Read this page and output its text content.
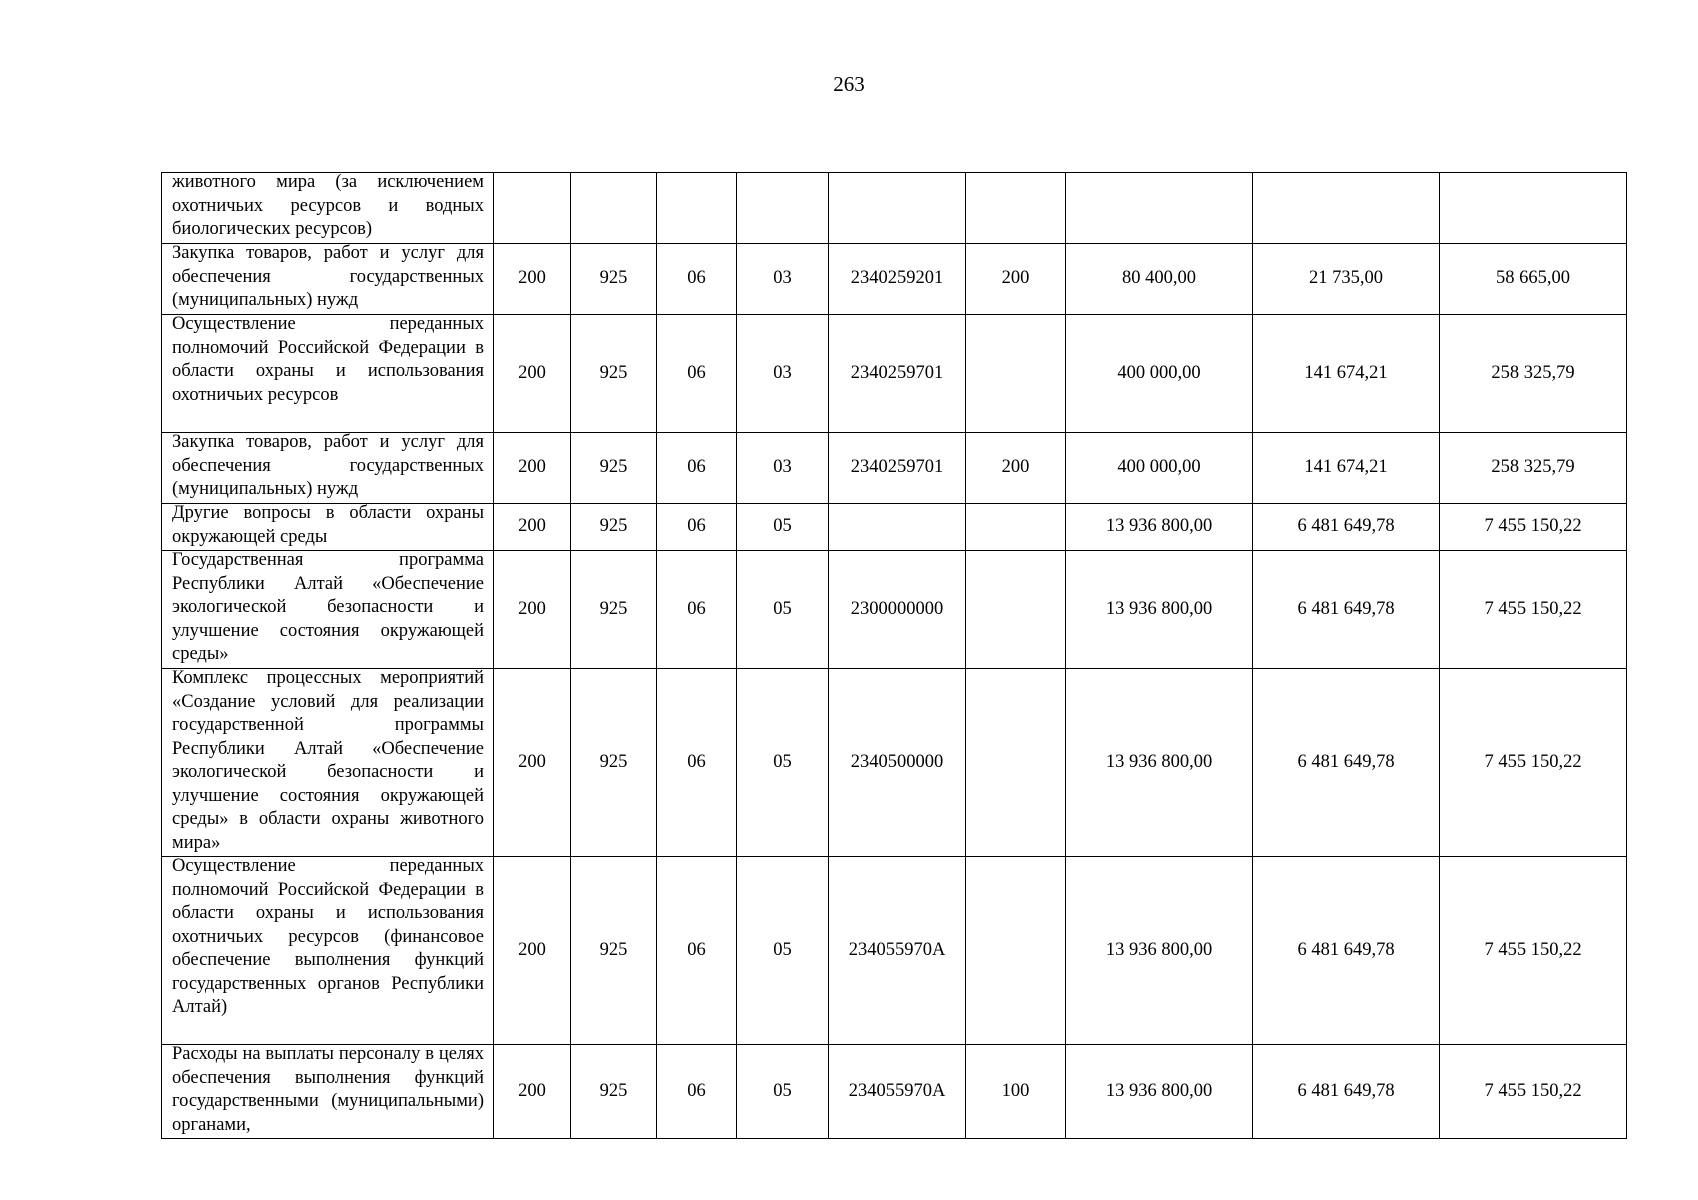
263
животного мира (за исключением охотничьих ресурсов и водных биологических ресурсов)									

Закупка товаров, работ и услуг для обеспечения государственных (муниципальных) нужд	200	925	06	03	2340259201	200	80 400,00	21 735,00	58 665,00

Осуществление переданных полномочий Российской Федерации в области охраны и использования охотничьих ресурсов	200	925	06	03	2340259701		400 000,00	141 674,21	258 325,79

Закупка товаров, работ и услуг для обеспечения государственных (муниципальных) нужд	200	925	06	03	2340259701	200	400 000,00	141 674,21	258 325,79

Другие вопросы в области охраны окружающей среды	200	925	06	05			13 936 800,00	6 481 649,78	7 455 150,22

Государственная программа Республики Алтай «Обеспечение экологической безопасности и улучшение состояния окружающей среды»	200	925	06	05	2300000000		13 936 800,00	6 481 649,78	7 455 150,22

Комплекс процессных мероприятий «Создание условий для реализации государственной программы Республики Алтай «Обеспечение экологической безопасности и улучшение состояния окружающей среды» в области охраны животного мира»	200	925	06	05	2340500000		13 936 800,00	6 481 649,78	7 455 150,22

Осуществление переданных полномочий Российской Федерации в области охраны и использования охотничьих ресурсов (финансовое обеспечение выполнения функций государственных органов Республики Алтай)	200	925	06	05	234055970А		13 936 800,00	6 481 649,78	7 455 150,22

Расходы на выплаты персоналу в целях обеспечения выполнения функций государственными (муниципальными) органами,	200	925	06	05	234055970А	100	13 936 800,00	6 481 649,78	7 455 150,22
